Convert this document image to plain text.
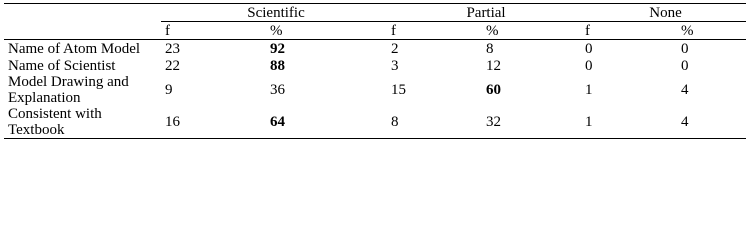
	Scientific		Partial		None	
	f	%	f	%	f	%
Name of Atom Model	23	92	2	8	0	0
Name of Scientist	22	88	3	12	0	0
Model Drawing and Explanation	9	36	15	60	1	4
Consistent with Textbook	16	64	8	32	1	4
